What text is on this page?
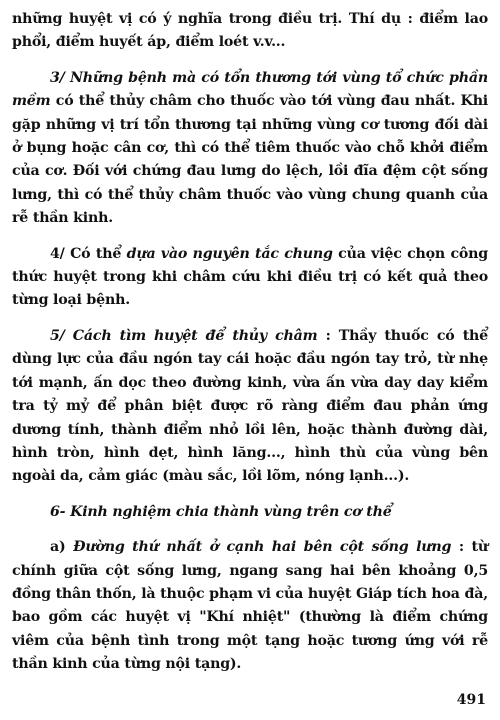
những huyệt vị có ý nghĩa trong điều trị. Thí dụ : điểm lao phổi, điểm huyết áp, điểm loét v.v...

3/ Những bệnh mà có tổn thương tới vùng tổ chức phần mềm có thể thủy châm cho thuốc vào tới vùng đau nhất. Khi gặp những vị trí tổn thương tại những vùng cơ tương đối dài ở bụng hoặc cân cơ, thì có thể tiêm thuốc vào chỗ khởi điểm của cơ. Đối với chứng đau lưng do lệch, lồi đĩa đệm cột sống lưng, thì có thể thủy châm thuốc vào vùng chung quanh của rễ thần kinh.

4/ Có thể dựa vào nguyên tắc chung của việc chọn công thức huyệt trong khi châm cứu khi điều trị có kết quả theo từng loại bệnh.

5/ Cách tìm huyệt để thủy châm : Thầy thuốc có thể dùng lực của đầu ngón tay cái hoặc đầu ngón tay trỏ, từ nhẹ tới mạnh, ấn dọc theo đường kinh, vừa ấn vừa day day kiểm tra tỷ mỷ để phân biệt được rõ ràng điểm đau phản ứng dương tính, thành điểm nhỏ lồi lên, hoặc thành đường dài, hình tròn, hình dẹt, hình lăng..., hình thù của vùng bên ngoài da, cảm giác (màu sắc, lồi lõm, nóng lạnh...).

6- Kinh nghiệm chia thành vùng trên cơ thể

a) Đường thứ nhất ở cạnh hai bên cột sống lưng : từ chính giữa cột sống lưng, ngang sang hai bên khoảng 0,5 đồng thân thốn, là thuộc phạm vi của huyệt Giáp tích hoa đà, bao gồm các huyệt vị "Khí nhiệt" (thường là điểm chứng viêm của bệnh tình trong một tạng hoặc tương ứng với rễ thần kinh của từng nội tạng).

491
